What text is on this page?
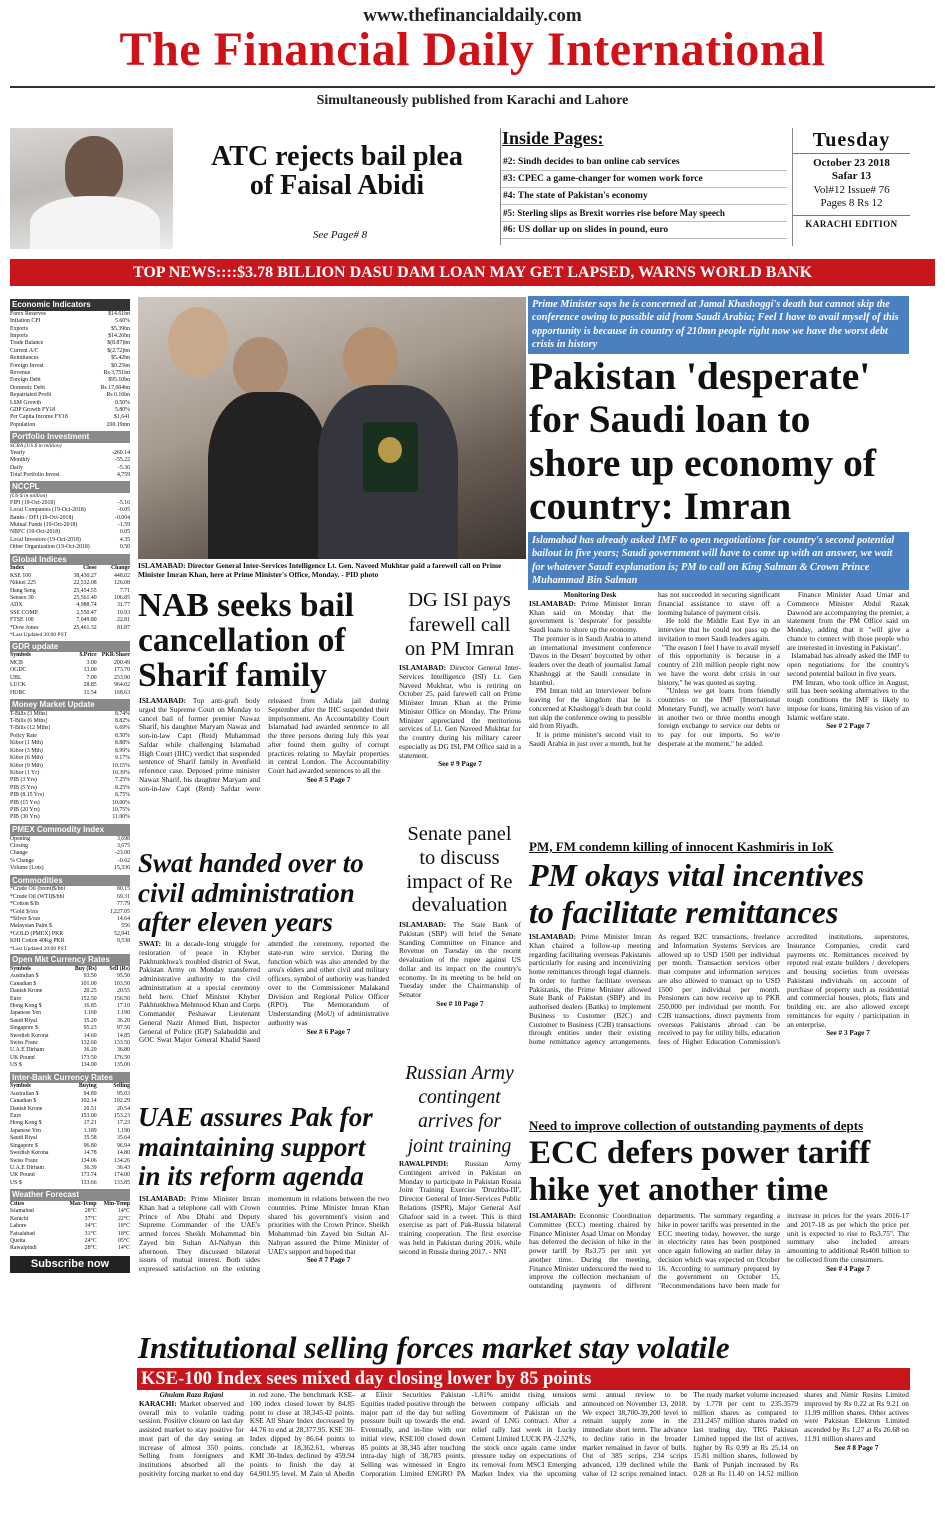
www.thefinancialdaily.com
The Financial Daily International
Simultaneously published from Karachi and Lahore
ATC rejects bail plea
of Faisal Abidi
See Page# 8
Inside Pages:
#2: Sindh decides to ban online cab services
#3: CPEC a game-changer for women work force
#4: The state of Pakistan's economy
#5: Sterling slips as Brexit worries rise before May speech
#6: US dollar up on slides in pound, euro
Tuesday
October 23 2018
Safar 13
Vol#12 Issue# 76
Pages 8 Rs 12
KARACHI EDITION
TOP NEWS::::$3.78 BILLION DASU DAM LOAN MAY GET LAPSED, WARNS WORLD BANK
Economic Indicators
Forex Reserves	$14.61bn
Inflation CPI	5.60%
Exports	$5.39bn
Imports	$14.26bn
Trade Balance	$(8.87)bn
Current A/C	$(2.72)bn
Remittances	$5.42bn
Foreign Invest	$0.25bn
Revenue	Rs 3,751bn
Foreign Debt	$95.10bn
Domestic Debt	Rs 17,004bn
Repatriated Profit	Rs 0.16bn
LSM Growth	0.50%
GDP Growth FY18	5.80%
Per Capita Income FY18	$1,641
Population	200.19mn
Portfolio Investment
SCRA (US $ in million)
Yearly	-260.14
Monthly	-55.22
Daily	-5.36
Total Portfolio Invest	4,759
NCCPL
(US $ in million)
FIPI (19-Oct-2018)	-5.16
Local Companies (19-Oct-2018)	-0.05
Banks / DFI (19-Oct-2018)	-0.004
Mutual Funds (19-Oct-2018)	-1.59
NBFC (19-Oct-2018)	0.05
Local Investors (19-Oct-2018)	4.35
Other Organization (19-Oct-2018)	0.50
Global Indices
Index	Close	Change
KSE 100	38,430.27	448.02
Nikkei 225	22,532.08	126.08
Hang Seng	25,454.55	7.71
Sensex 30	25,561.40	106.85
ADX	4,988.74	31.77
SSE COMP	2,550.47	10.93
FTSE 100	7,049.80	22.81
*Dow Jones	25,461.32	81.87
*Last Updated 20:00 PST
GDR update
Symbols	$.Price PKR/Share
MCB	3.00	200.49
OGDC	13.00	173.70
UBL	7.00	233.90
LUCK	28.85	964.02
HUBC	31.54	168.63
Money Market Update
T-Bills (3 Mths)	8.74%
T-Bills (6 Mths)	8.82%
T-Bills (12 Mths)	6.69%
Policy Rate	8.50%
Kibor (1 Mth)	8.88%
Kibor (3 Mth)	8.99%
Kibor (6 Mth)	9.17%
Kibor (9 Mth)	10.15%
Kibor (1 Yr)	10.39%
PIB (3 Yrs)	7.25%
PIB (5 Yrs)	8.25%
PIB (8.15 Yrs)	8.75%
PIB (15 Yrs)	10.00%
PIB (20 Yrs)	10.75%
PIB (30 Yrs)	11.00%
PMEX Commodity Index
Opening	3,698
Closing	3,675
Change	-23.00
% Change	-0.62
Volume (Lots)	15,336
Commodities
*Crude Oil (brent)$/bbl	80.15
*Crude Oil (WTI)$/bbl	69.31
*Cotton $/lb	77.79
*Gold $/ozs	1,227.05
*Silver $/ozs	14.64
Malaysian Palm $	556
*GOLD (PMEX) PKR	52,941
KHI Cotton 40Kg PKR	9,538
*Last Updated 20:00 PST
Open Mkt Currency Rates
Symbols	Buy (Rs)	Sell (Rs)
Australian $	93.50	95.50
Canadian $	101.00	103.50
Danish Krone	20.25	20.55
Euro	152.50	156.50
Hong Kong $	16.85	17.10
Japanese Yen	1.160	1.190
Saudi Riyal	35.20	36.20
Singapore $	95.23	97.50
Swedish Korona	14.60	14.85
Swiss Franc	132.60	133.50
U.A.E Dirham	36.20	36.80
UK Pound	173.50	176.50
US $	134.00	135.00
Inter-Bank Currency Rates
Symbols	Buying	Selling
Australian $	94.89	95.03
Canadian $	102.14	102.29
Danish Krone	20.51	20.54
Euro	153.00	153.23
Hong Kong $	17.21	17.23
Japanese Yen	1.189	1.190
Saudi Riyal	35.58	35.64
Singapore $	96.80	96.94
Swedish Korona	14.78	14.80
Swiss Franc	134.06	134.26
U.A.E Dirham	36.39	36.43
UK Pound	173.74	174.00
US $	133.66	133.85
Weather Forecast
Cities	Max-Temp	Min-Temp
Islamabad	28°C	14°C
Karachi	37°C	22°C
Lahore	34°C	18°C
Faisalabad	31°C	18°C
Quetta	24°C	05°C
Rawalpindi	28°C	14°C
Subscribe now
ISLAMABAD: Director General Inter-Services Intelligence Lt. Gen. Naveed Mukhtar paid a farewell call on Prime Minister Imran Khan, here at Prime Minister's Office, Monday. - PID photo
Prime Minister says he is concerned at Jamal Khashoggi's death but cannot skip the conference owing to possible aid from Saudi Arabia; Feel I have to avail myself of this opportunity is because in country of 210mn people right now we have the worst debt crisis in history
Pakistan 'desperate' for Saudi loan to shore up economy of country: Imran
Islamabad has already asked IMF to open negotiations for country's second potential bailout in five years; Saudi government will have to come up with an answer, we wait for whatever Saudi explanation is; PM to call on King Salman & Crown Prince Muhammad Bin Salman
Monitoring Desk
ISLAMABAD: Prime Minister Imran Khan said on Monday that the government is 'desperate' for possible Saudi loans to shore up the economy.
The premier is in Saudi Arabia to attend an international investment conference 'Davos in the Desert' boycotted by other leaders over the death of journalist Jamal Khashoggi at the Saudi consulate in Istanbul.
PM Imran told an interviewer before leaving for the kingdom that he is concerned at Khashoggi's death but could not skip the conference owing to possible aid from Riyadh.
It is prime minister's second visit to Saudi Arabia in just over a month, but he has not succeeded in securing significant financial assistance to stave off a looming balance of payment crisis.
He told the Middle East Eye in an interview that he could not pass up the invitation to meet Saudi leaders again.
"The reason I feel I have to avail myself of this opportunity is because in a country of 210 million people right now we have the worst debt crisis in our history," he was quoted as saying.
"Unless we get loans from friendly countries or the IMF [International Monetary Fund], we actually won't have in another two or three months enough foreign exchange to service our debts or to pay for our imports. So we're desperate at the moment," he added.
Finance Minister Asad Umar and Commerce Minister Abdul Razak Dawood are accompanying the premier, a statement from the PM Office said on Monday, adding that it "will give a chance to connect with those people who are interested in investing in Pakistan".
Islamabad has already asked the IMF to open negotiations for the country's second potential bailout in five years.
PM Imran, who took office in August, still has been seeking alternatives to the tough conditions the IMF is likely to impose for loans, limiting his vision of an Islamic welfare state.
See # 2 Page 7
NAB seeks bail
cancellation of
Sharif family
ISLAMABAD: Top anti-graft body urged the Supreme Court on Monday to cancel bail of former premier Nawaz Sharif, his daughter Maryam Nawaz and son-in-law Capt (Retd) Muhammad Safdar while challenging Islamabad High Court (IHC) verdict that suspended sentence of Sharif family in Avenfield reference case. Deposed prime minister Nawaz Sharif, his daughter Maryam and son-in-law Capt (Retd) Safdar were released from Adiala jail during September after the IHC suspended their imprisonment. An Accountability Court Islamabad had awarded sentence to all the three persons during July this year after found them guilty of corrupt practices relating to Mayfair properties in central London. The Accountability Court had awarded sentences to all the
See # 5 Page 7
DG ISI pays
farewell call
on PM Imran
ISLAMABAD: Director General Inter-Services Intelligence (ISI) Lt. Gen Naveed Mukhtar, who is retiring on October 25, paid farewell call on Prime Minister Imran Khan at the Prime Minister Office on Monday. The Prime Minister appreciated the meritorious services of Lt. Gen Naveed Mukhtar for the country during his military career especially as DG ISI, PM Office said in a statement.
See # 9 Page 7
Senate panel
to discuss
impact of Re
devaluation
ISLAMABAD: The State Bank of Pakistan (SBP) will brief the Senate Standing Committee on Finance and Revenue on Tuesday on the recent devaluation of the rupee against US dollar and its impact on the country's economy. In its meeting to be held on Tuesday under the Chairmanship of Senator
See # 10 Page 7
Russian Army
contingent
arrives for
joint training
RAWALPINDI: Russian Army Contingent arrived in Pakistan on Monday to participate in Pakistan Russia Joint Training Exercise 'Druzhba-III', Director General of Inter-Services Public Relations (ISPR), Major General Asif Ghafoor said in a tweet. This is third exercise as part of Pak-Russia bilateral training cooperation. The first exercise was held in Pakistan during 2016, while second in Russia during 2017. - NNI
Swat handed over to
civil administration
after eleven years
SWAT: In a decade-long struggle for restoration of peace in Khyber Pakhtunkhwa's troubled district of Swat, Pakistan Army on Monday transferred administrative authority to the civil administration at a special ceremony held here. Chief Minister Khyber Pakhtunkhwa Mehmood Khan and Corps Commander Peshawar Lieutenant General Nazir Ahmed Butt, Inspector General of Police (IGP) Salahuddin and GOC Swat Major General Khalid Saeed attended the ceremony, reported the state-run wire service. During the function which was also attended by the area's elders and other civil and military officers, symbol of authority was handed over to the Commissioner Malakand Division and Regional Police Officer (RPO). The Memorandum of Understanding (MoU) of administrative authority was
See # 6 Page 7
UAE assures Pak for
maintaining support
in its reform agenda
ISLAMABAD: Prime Minister Imran Khan had a telephone call with Crown Prince of Abu Dhabi and Deputy Supreme Commander of the UAE's armed forces Sheikh Mohammad bin Zayed bin Sultan Al-Nahyan this afternoon. They discussed bilateral issues of mutual interest. Both sides expressed satisfaction on the existing momentum in relations between the two countries. Prime Minister Imran Khan shared his government's vision and priorities with the Crown Prince. Sheikh Mohammad bin Zayed bin Sultan Al-Nahyan assured the Prime Minister of UAE's support and hoped that
See # 7 Page 7
PM, FM condemn killing of innocent Kashmiris in IoK
PM okays vital incentives
to facilitate remittances
ISLAMABAD: Prime Minister Imran Khan chaired a follow-up meeting regarding facilitating overseas Pakistanis particularly for easing and incentivizing home remittances through legal channels. In order to further facilitate overseas Pakistanis, the Prime Minister allowed State Bank of Pakistan (SBP) and its authorised dealers (Banks) to implement Business to Customer (B2C) and Customer to Business (C2B) transactions through entities under their existing home remittance agency arrangements. As regard B2C transactions, freelance and Information Systems Services are allowed up to USD 1500 per individual per month. Transaction services other than computer and information services are also allowed to transact up to USD 1500 per individual per month. Pensioners can now receive up to PKR 250,000 per individual per month. For C2B transactions, direct payments from overseas Pakistanis abroad can be received to pay for utility bills, education fees of Higher Education Commission's accredited institutions, superstores, Insurance Companies, credit card payments etc. Remittances received by reputed real estate builders / developers and housing societies from overseas Pakistani individuals on account of purchase of property such as residential and commercial houses, plots, flats and building etc. are also allowed except remittances for equity / participation in an enterprise.
See # 3 Page 7
Need to improve collection of outstanding payments of depts
ECC defers power tariff
hike yet another time
ISLAMABAD: Economic Coordination Committee (ECC) meeting chaired by Finance Minister Asad Umar on Monday has deferred the decision of hike in the power tariff by Rs3.75 per unit yet another time. During the meeting, Finance Minister underscored the need to improve the collection mechanism of outstanding payments of different departments. The summary regarding a hike in power tariffs was presented in the ECC meeting today, however, the surge in electricity rates has been postponed once again following an earlier delay in decision which was expected on October 16. According to summary prepared by the government on October 15, "Recommendations have been made for increase in prices for the years 2016-17 and 2017-18 as per which the price per unit is expected to rise to Rs3.75". The summary also included arrears amounting to additional Rs400 billion to be collected from the consumers.
See # 4 Page 7
Institutional selling forces market stay volatile
KSE-100 Index sees mixed day closing lower by 85 points
Ghulam Raza Rajani
KARACHI: Market observed and overall mix to volatile trading session. Positive closure on last day assisted market to stay positive for most part of the day seeing an increase of almost 350 points. Selling from foreigners and institutions absorbed all the positivity forcing market to end day in red zone. The benchmark KSE-100 index closed lower by 84.85 point to close at 38,345.42 points. KSE All Share Index decreased by 44.76 to end at 28,377.95. KSE 30-Index dipped by 86.64 points to conclude at 18,362.61, whereas KMI 30-Index declined by 459.94 points to finish the day at 64,901.95 level. M Zain ul Abedin at Elixir Securities Pakistan Equities traded positive through the major part of the day but selling pressure built up towards the end. Eventually, and in-line with our initial view, KSE100 closed down 85 points at 38,345 after touching intra-day high of 38,783 points. Selling was witnessed in Engro Corporation Limited ENGRO PA -1.81% amidst rising tensions between company officials and Government of Pakistan on the award of LNG contract. After a relief rally last week in Lucky Cement Limited LUCK PA -2.52%, the stock once again came under pressure today on expectations of its removal from MSCI Emerging Market Index via the upcoming semi annual review to be announced on November 13, 2018. We expect 38,700-39,200 level to remain supply zone in the immediate short term. The advance to decline ratio in the broader market remained in favor of bulls. Out of 385 scrips, 234 scrips advanced, 139 declined while the value of 12 scrips remained intact. The ready market volume increased by 1.778 per cent to 235.3579 million shares as compared to 231.2457 million shares traded on last trading day. TRG Pakistan Limited topped the list of actives, higher by Rs 0.99 at Rs 25.14 on 15.81 million shares, followed by Bank of Punjab increased by Rs 0.28 at Rs 11.40 on 14.52 million shares and Nimir Resins Limited improved by Rs 0.22 at Rs 9.21 on 11.99 million shares. Other actives were Pakistan Elektron Limited ascended by Rs 1.27 at Rs 26.68 on 11.91 million shares and
See # 8 Page 7
